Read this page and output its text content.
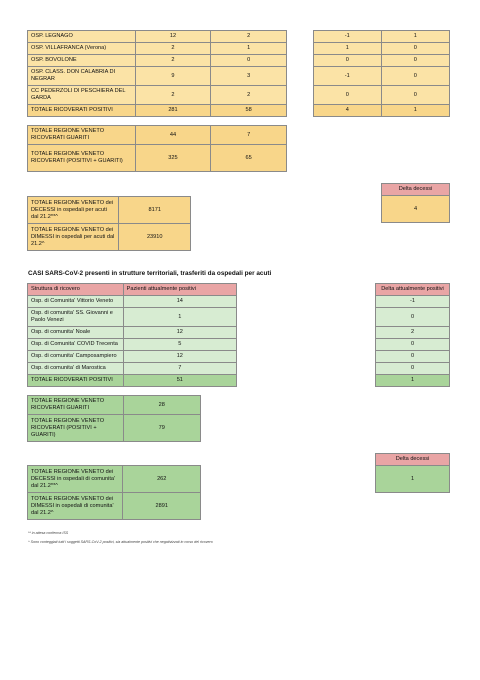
OSP. LEGNAGO	12	2
OSP. VILLAFRANCA (Verona)	2	1
OSP. BOVOLONE	2	0
OSP. CLASS. DON CALABRIA DI NEGRAR	9	3
CC PEDERZOLI DI PESCHIERA DEL GARDA	2	2
TOTALE RICOVERATI POSITIVI	281	58
-1	1
1	0
0	0
-1	0
0	0
4	1
TOTALE REGIONE VENETO RICOVERATI GUARITI	44	7
TOTALE REGIONE VENETO RICOVERATI (POSITIVI + GUARITI)	325	65
Delta decessi
4
TOTALE REGIONE VENETO dei DECESSI in ospedali per acuti dal 21.2**^	8171
TOTALE REGIONE VENETO dei DIMESSI in ospedali per acuti dal 21.2^	23910
CASI SARS-CoV-2 presenti in strutture territoriali, trasferiti da ospedali per acuti
Struttura di ricovero	Pazienti attualmente positivi
Osp. di Comunita' Vittorio Veneto	14
Osp. di comunita' SS. Giovanni e Paolo Venezi	1
Osp. di comunita' Noale	12
Osp. di Comunita' COVID Trecenta	5
Osp. di comunita' Camposampiero	12
Osp. di comunita' di Marostica	7
TOTALE RICOVERATI POSITIVI	51
Delta attualmente positivi
-1
0
2
0
0
0
1
TOTALE REGIONE VENETO RICOVERATI GUARITI	28
TOTALE REGIONE VENETO RICOVERATI (POSITIVI + GUARITI)	79
Delta decessi
1
TOTALE REGIONE VENETO dei DECESSI in ospedali di comunita' dal 21.2**^	262
TOTALE REGIONE VENETO dei DIMESSI in ospedali di comunita' dal 21.2^	2891
** in attesa conferma ISS
^ Sono conteggiati tutti i soggetti SARS-CoV-2 positivi, sia attualmente positivi che negativizzati in corso del ricovero
